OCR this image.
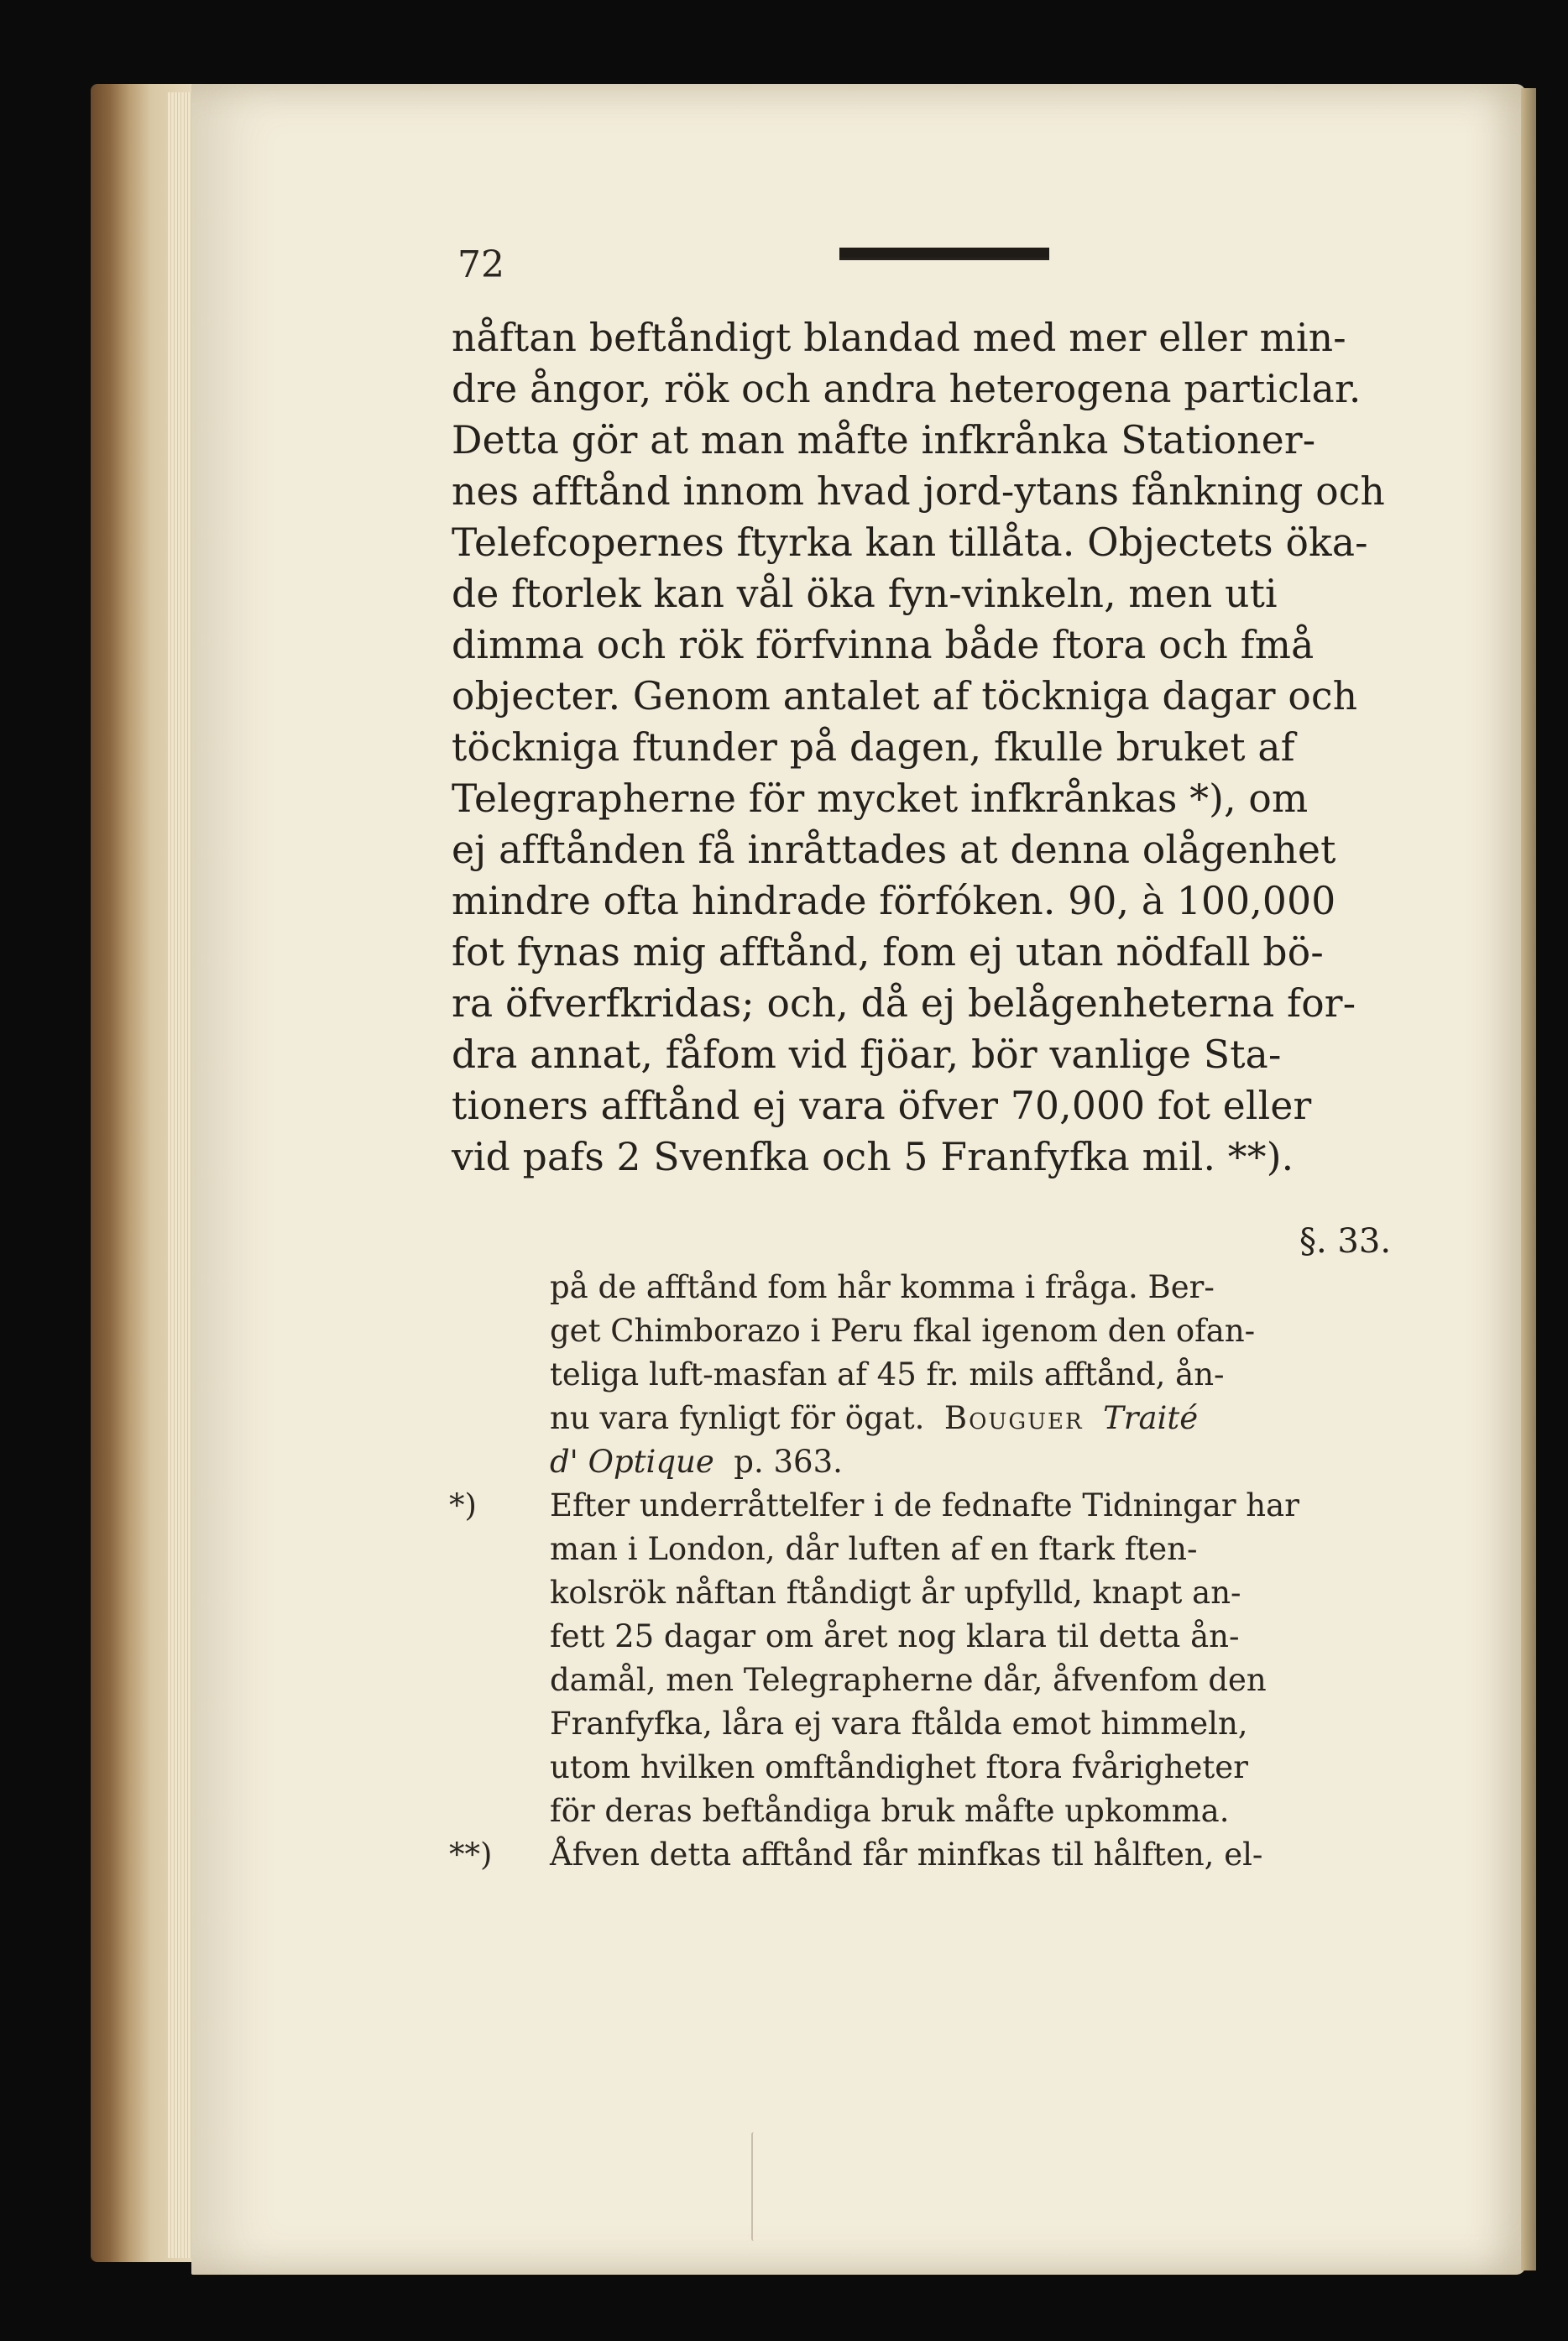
72
nåftan beftåndigt blandad med mer eller min-
dre ångor, rök och andra heterogena particlar.
Detta gör at man måfte infkrånka Stationer-
nes afftånd innom hvad jord-ytans fånkning och
Telefcopernes ftyrka kan tillåta. Objectets öka-
de ftorlek kan vål öka fyn-vinkeln, men uti
dimma och rök förfvinna både ftora och fmå
objecter. Genom antalet af töckniga dagar och
töckniga ftunder på dagen, fkulle bruket af
Telegrapherne för mycket infkrånkas *), om
ej afftånden få inråttades at denna olågenhet
mindre ofta hindrade förfóken. 90, à 100,000
fot fynas mig afftånd, fom ej utan nödfall bö-
ra öfverfkridas; och, då ej belågenheterna for-
dra annat, fåfom vid fjöar, bör vanlige Sta-
tioners afftånd ej vara öfver 70,000 fot eller
vid pafs 2 Svenfka och 5 Franfyfka mil. **).
§. 33.
på de afftånd fom hår komma i fråga. Ber-
get Chimborazo i Peru fkal igenom den ofan-
teliga luft-masfan af 45 fr. mils afftånd, ån-
nu vara fynligt för ögat. Bouguer Traité
d' Optique p. 363.
*) Efter underråttelfer i de fednafte Tidningar har
man i London, dår luften af en ftark ften-
kolsrök nåftan ftåndigt år upfylld, knapt an-
fett 25 dagar om året nog klara til detta ån-
damål, men Telegrapherne dår, åfvenfom den
Franfyfka, låra ej vara ftålda emot himmeln,
utom hvilken omftåndighet ftora fvårigheter
för deras beftåndiga bruk måfte upkomma.
**) Åfven detta afftånd får minfkas til hålften, el-
